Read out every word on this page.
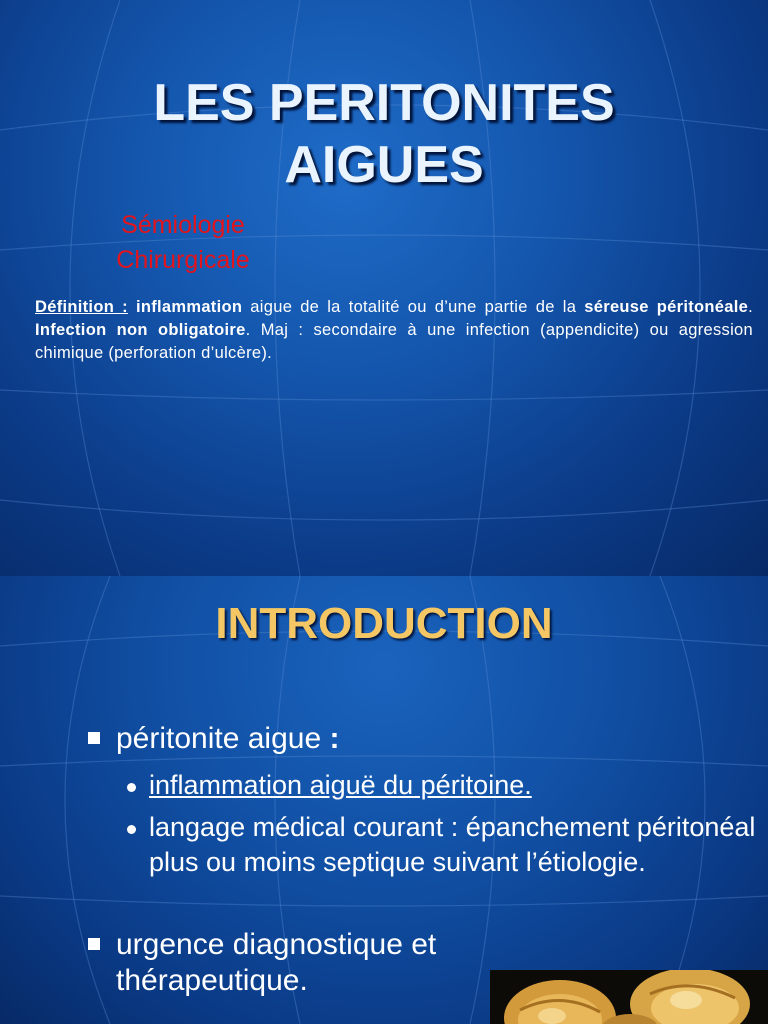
LES PERITONITES
AIGUES
Sémiologie
Chirurgicale
Définition : inflammation aigue de la totalité ou d’une partie de la séreuse péritonéale. Infection non obligatoire. Maj : secondaire à une infection (appendicite) ou agression chimique (perforation d’ulcère).
INTRODUCTION
péritonite aigue :
inflammation aiguë du péritoine.
langage médical courant : épanchement péritonéal plus ou moins septique suivant l’étiologie.
urgence diagnostique et thérapeutique.
